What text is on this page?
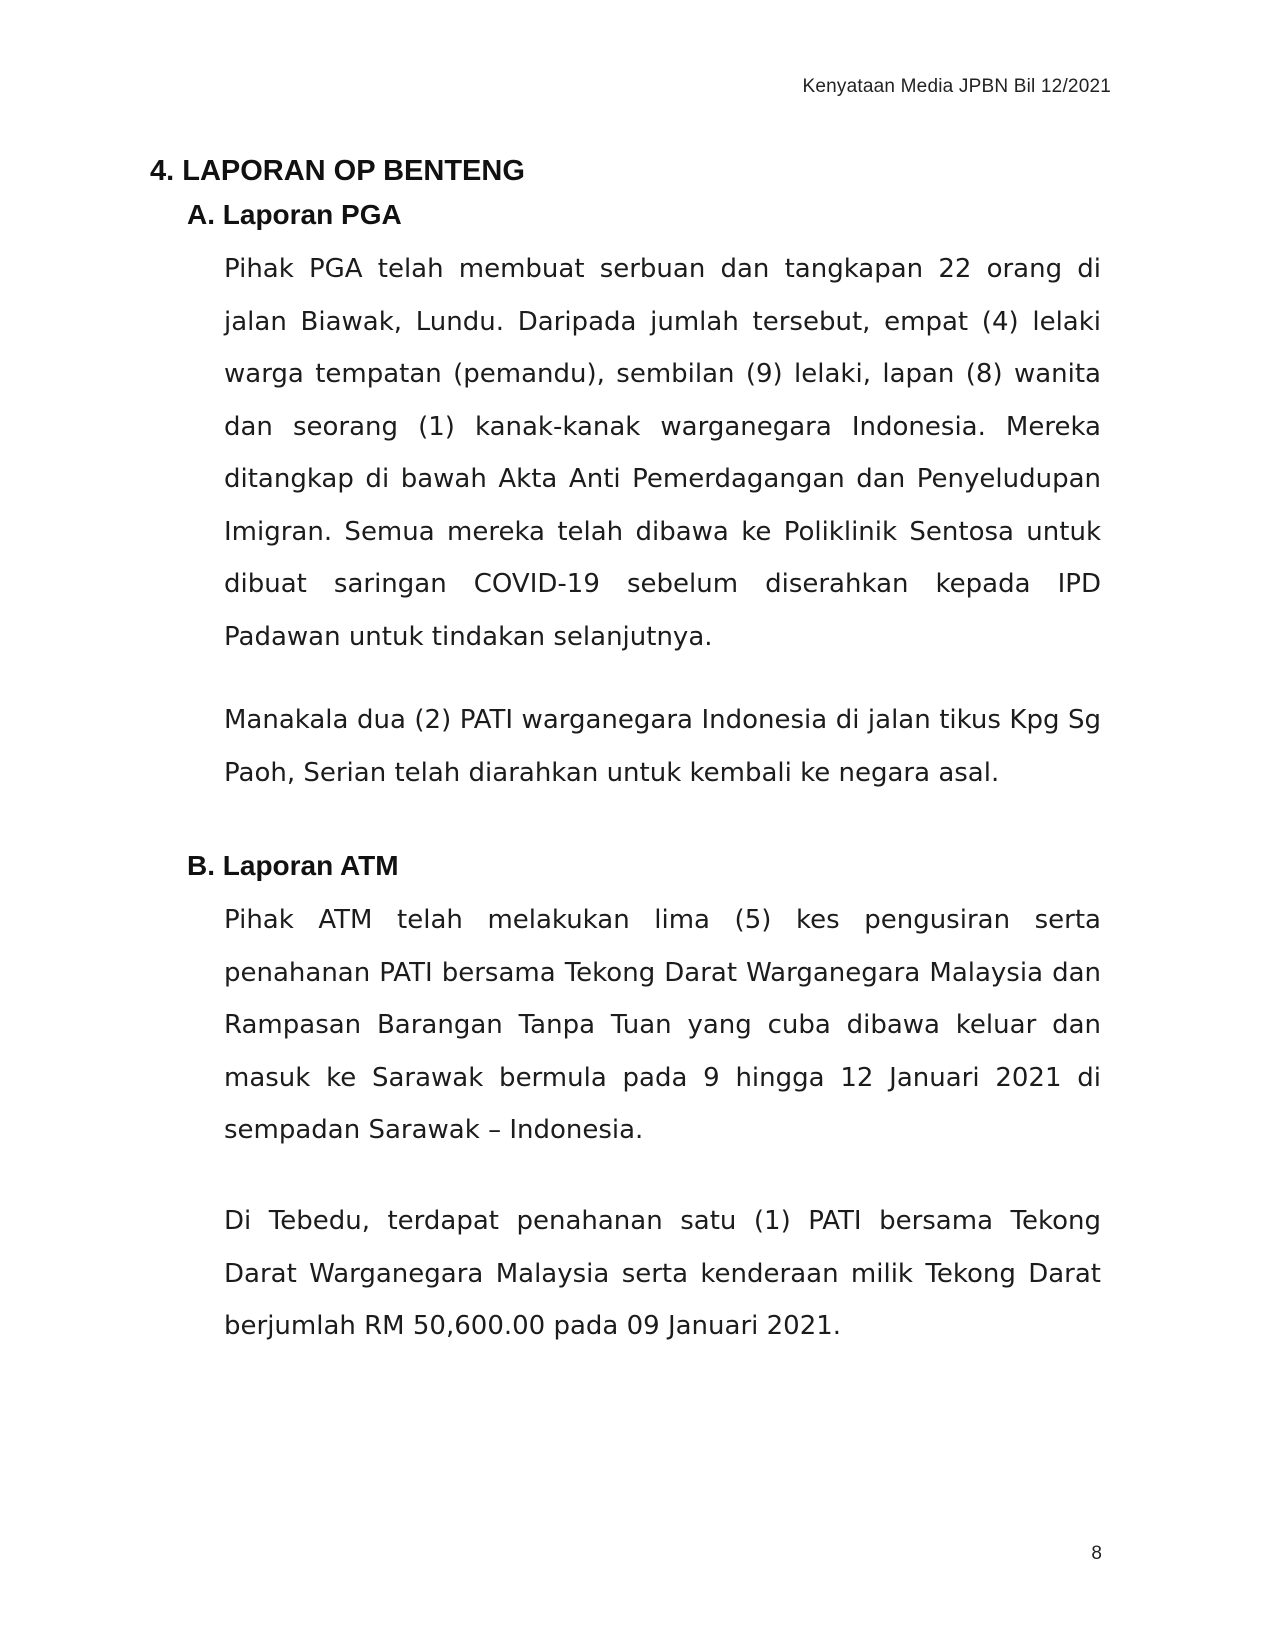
Kenyataan Media JPBN Bil 12/2021
4. LAPORAN OP BENTENG
A. Laporan PGA

Pihak PGA telah membuat serbuan dan tangkapan 22 orang di jalan Biawak, Lundu. Daripada jumlah tersebut, empat (4) lelaki warga tempatan (pemandu), sembilan (9) lelaki, lapan (8) wanita dan seorang (1) kanak-kanak warganegara Indonesia. Mereka ditangkap di bawah Akta Anti Pemerdagangan dan Penyeludupan Imigran. Semua mereka telah dibawa ke Poliklinik Sentosa untuk dibuat saringan COVID-19 sebelum diserahkan kepada IPD Padawan untuk tindakan selanjutnya.

Manakala dua (2) PATI warganegara Indonesia di jalan tikus Kpg Sg Paoh, Serian telah diarahkan untuk kembali ke negara asal.

B. Laporan ATM

Pihak ATM telah melakukan lima (5) kes pengusiran serta penahanan PATI bersama Tekong Darat Warganegara Malaysia dan Rampasan Barangan Tanpa Tuan yang cuba dibawa keluar dan masuk ke Sarawak bermula pada 9 hingga 12 Januari 2021 di sempadan Sarawak – Indonesia.

Di Tebedu, terdapat penahanan satu (1) PATI bersama Tekong Darat Warganegara Malaysia serta kenderaan milik Tekong Darat berjumlah RM 50,600.00 pada 09 Januari 2021.

8
